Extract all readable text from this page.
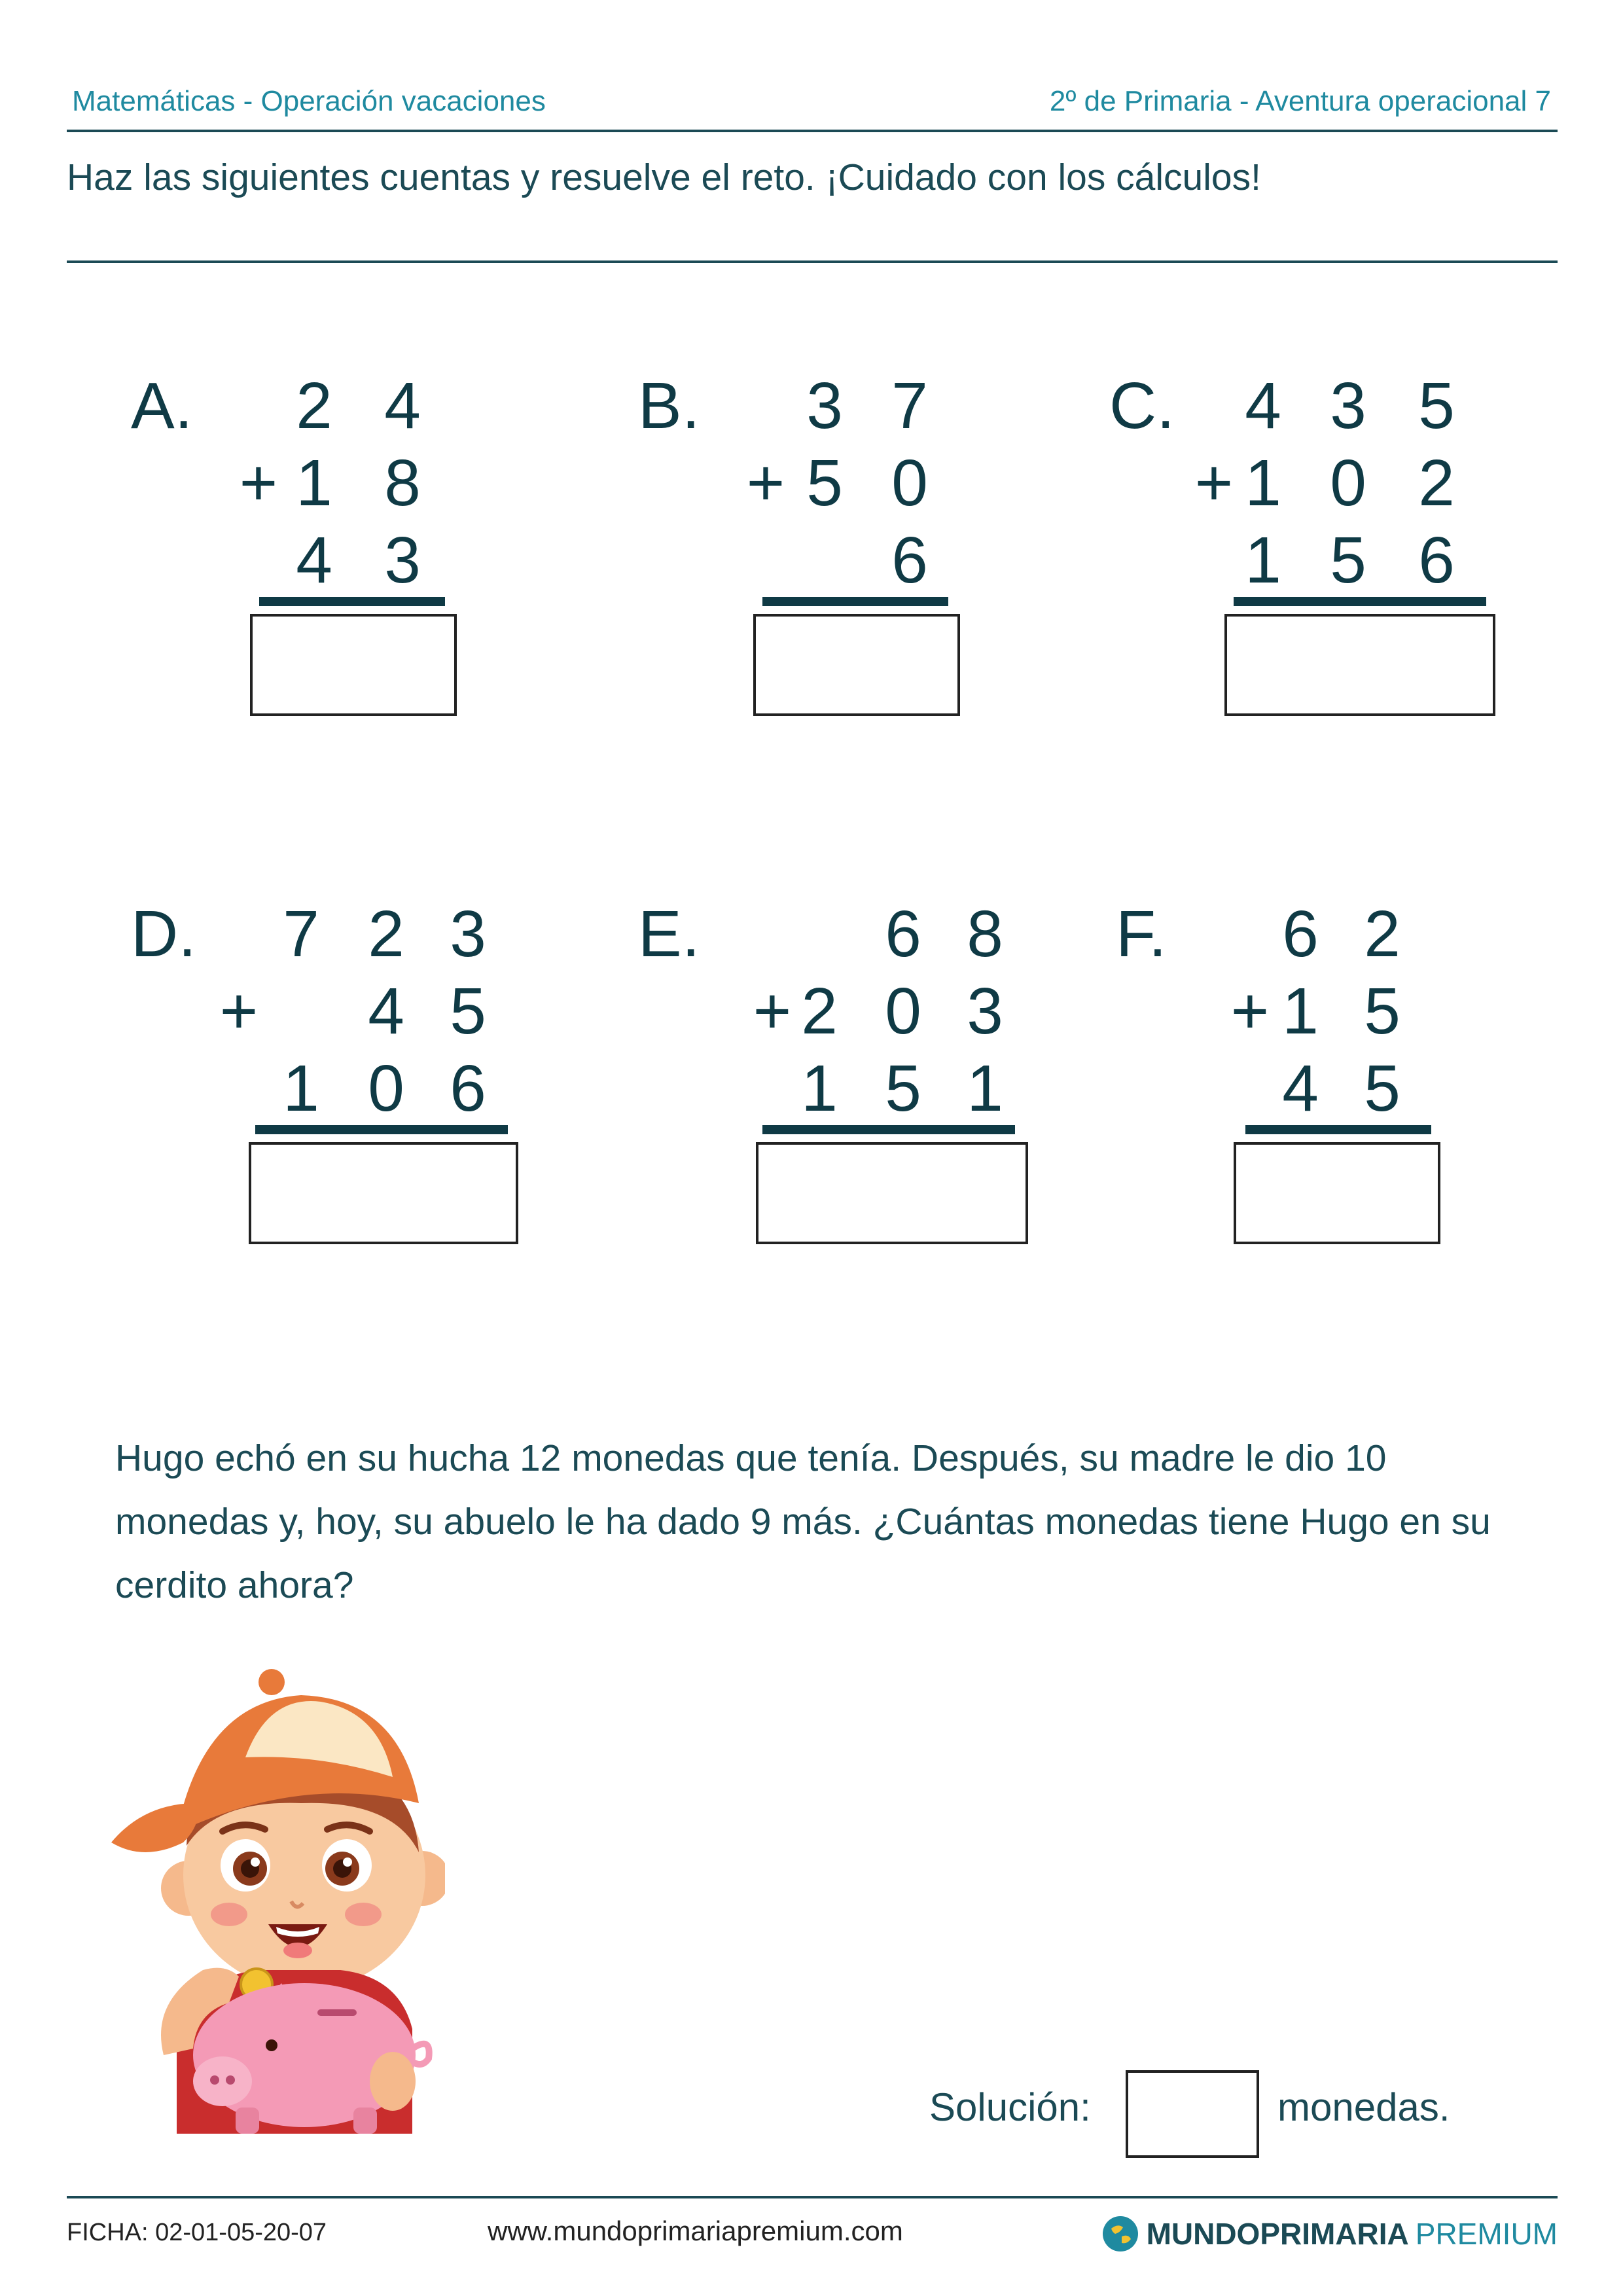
Matemáticas - Operación vacaciones	2º de Primaria - Aventura operacional 7
Haz las siguientes cuentas y resuelve el reto. ¡Cuidado con los cálculos!
A. 2 4
+ 1 8
4 3
B. 3 7
+ 5 0
6
C. 4 3 5
+ 1 0 2
1 5 6
D. 7 2 3
+ 4 5
1 0 6
E.	6 8
+ 2 0 3
1 5 1
F. 6 2
+ 1 5
4 5
Hugo echó en su hucha 12 monedas que tenía. Después, su madre le dio 10 monedas y, hoy, su abuelo le ha dado 9 más. ¿Cuántas monedas tiene Hugo en su cerdito ahora?
Solución:	monedas.
FICHA: 02-01-05-20-07	www.mundoprimariapremium.com	MUNDOPRIMARIA PREMIUM
